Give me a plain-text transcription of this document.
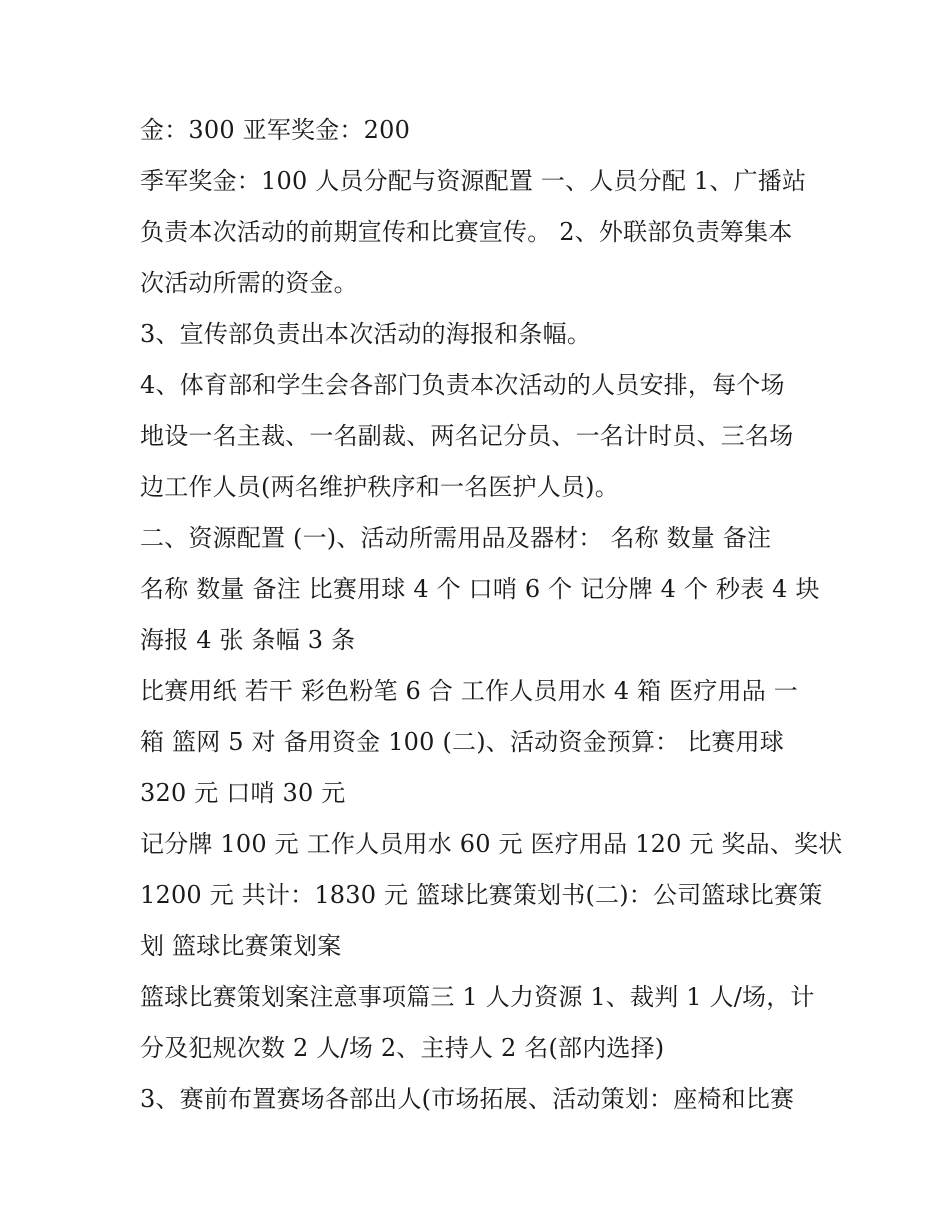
金：300 亚军奖金：200
季军奖金：100 人员分配与资源配置 一、人员分配 1、广播站
负责本次活动的前期宣传和比赛宣传。 2、外联部负责筹集本
次活动所需的资金。
3、宣传部负责出本次活动的海报和条幅。
4、体育部和学生会各部门负责本次活动的人员安排，每个场
地设一名主裁、一名副裁、两名记分员、一名计时员、三名场
边工作人员(两名维护秩序和一名医护人员)。
二、资源配置 (一)、活动所需用品及器材： 名称 数量 备注
名称 数量 备注 比赛用球 4 个 口哨 6 个 记分牌 4 个 秒表 4 块
海报 4 张 条幅 3 条
比赛用纸 若干 彩色粉笔 6 合 工作人员用水 4 箱 医疗用品 一
箱 篮网 5 对 备用资金 100 (二)、活动资金预算： 比赛用球
320 元 口哨 30 元
记分牌 100 元 工作人员用水 60 元 医疗用品 120 元 奖品、奖状
1200 元 共计：1830 元 篮球比赛策划书(二)：公司篮球比赛策
划 篮球比赛策划案
篮球比赛策划案注意事项篇三 1 人力资源 1、裁判 1 人/场，计
分及犯规次数 2 人/场 2、主持人 2 名(部内选择)
3、赛前布置赛场各部出人(市场拓展、活动策划：座椅和比赛
